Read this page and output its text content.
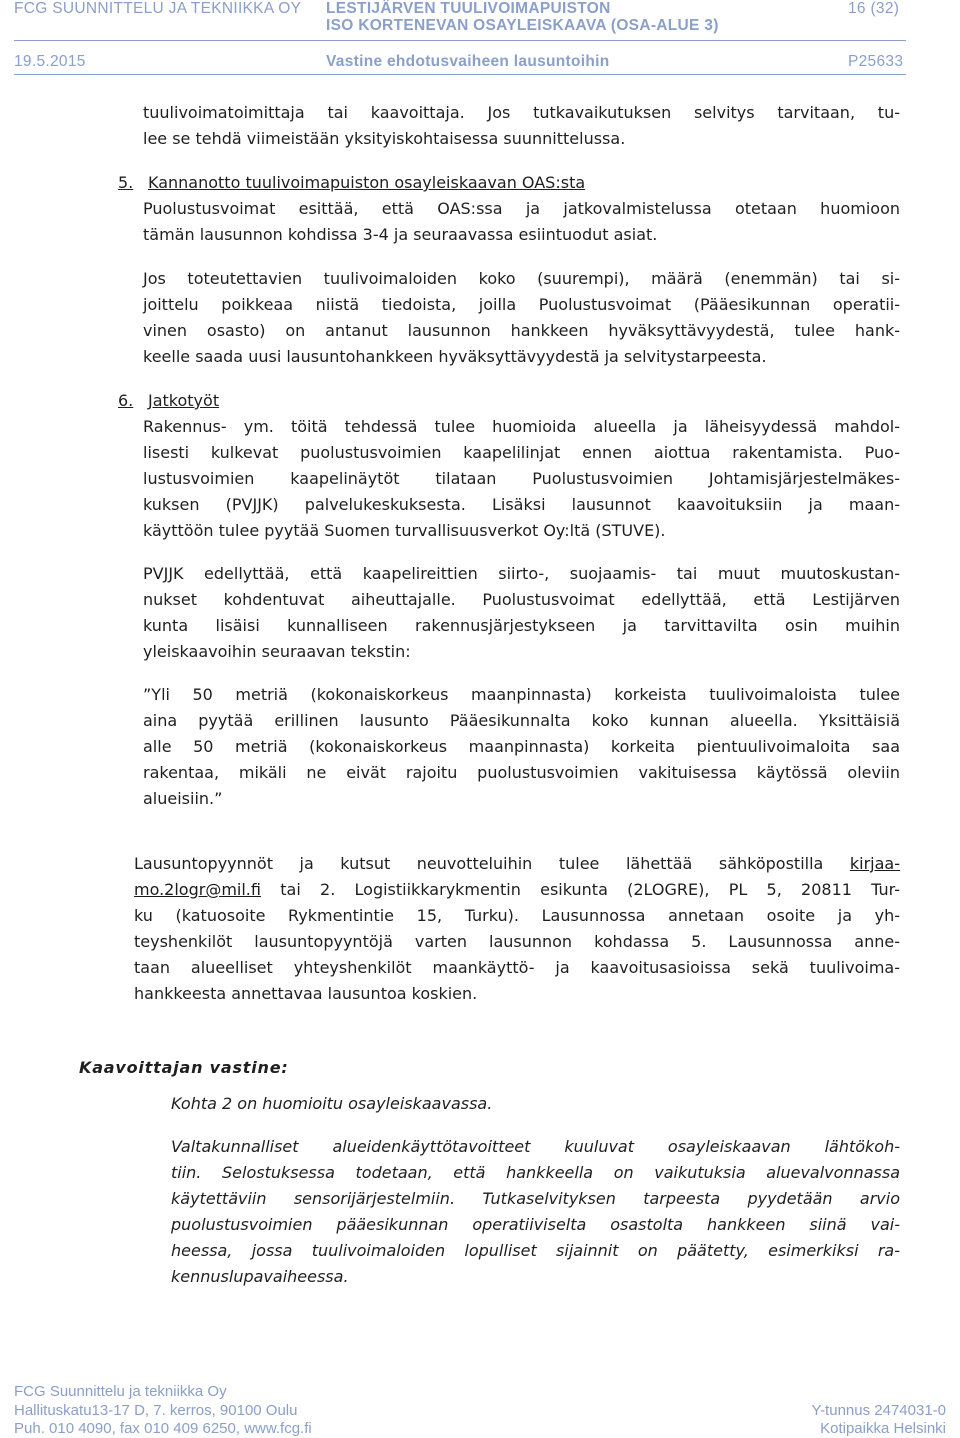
FCG SUUNNITTELU JA TEKNIIKKA OY LESTIJÄRVEN TUULIVOIMAPUISTON
ISO KORTENEVAN OSAYLEISKAAVA (OSA-ALUE 3)
16 (32)
19.5.2015	Vastine ehdotusvaiheen lausuntoihin	P25633
tuulivoimatoimittaja tai kaavoittaja. Jos tutkavaikutuksen selvitys tarvitaan, tu-
lee se tehdä viimeistään yksityiskohtaisessa suunnittelussa.
5. Kannanotto tuulivoimapuiston osayleiskaavan OAS:sta
Puolustusvoimat esittää, että OAS:ssa ja jatkovalmistelussa otetaan huomioon
tämän lausunnon kohdissa 3-4 ja seuraavassa esiintuodut asiat.
Jos toteutettavien tuulivoimaloiden koko (suurempi), määrä (enemmän) tai si-
joittelu poikkeaa niistä tiedoista, joilla Puolustusvoimat (Pääesikunnan operatii-
vinen osasto) on antanut lausunnon hankkeen hyväksyttävyydestä, tulee hank-
keelle saada uusi lausuntohankkeen hyväksyttävyydestä ja selvitystarpeesta.
6. Jatkotyöt
Rakennus- ym. töitä tehdessä tulee huomioida alueella ja läheisyydessä mahdol-
lisesti kulkevat puolustusvoimien kaapelilinjat ennen aiottua rakentamista. Puo-
lustusvoimien kaapelinäytöt tilataan Puolustusvoimien Johtamisjärjestelmäkes-
kuksen (PVJJK) palvelukeskuksesta. Lisäksi lausunnot kaavoituksiin ja maan-
käyttöön tulee pyytää Suomen turvallisuusverkot Oy:ltä (STUVE).
PVJJK edellyttää, että kaapelireittien siirto-, suojaamis- tai muut muutoskustan-
nukset kohdentuvat aiheuttajalle. Puolustusvoimat edellyttää, että Lestijärven
kunta lisäisi kunnalliseen rakennusjärjestykseen ja tarvittavilta osin muihin
yleiskaavoihin seuraavan tekstin:
”Yli 50 metriä (kokonaiskorkeus maanpinnasta) korkeista tuulivoimaloista tulee
aina pyytää erillinen lausunto Pääesikunnalta koko kunnan alueella. Yksittäisiä
alle 50 metriä (kokonaiskorkeus maanpinnasta) korkeita pientuulivoimaloita saa
rakentaa, mikäli ne eivät rajoitu puolustusvoimien vakituisessa käytössä oleviin
alueisiin.”
Lausuntopyynnöt ja kutsut neuvotteluihin tulee lähettää sähköpostilla kirjaa-
mo.2logr@mil.fi tai 2. Logistiikkarykmentin esikunta (2LOGRE), PL 5, 20811 Tur-
ku (katuosoite Rykmentintie 15, Turku). Lausunnossa annetaan osoite ja yh-
teyshenkilöt lausuntopyyntöjä varten lausunnon kohdassa 5. Lausunnossa anne-
taan alueelliset yhteyshenkilöt maankäyttö- ja kaavoitusasioissa sekä tuulivoima-
hankkeesta annettavaa lausuntoa koskien.
Kaavoittajan vastine:
Kohta 2 on huomioitu osayleiskaavassa.
Valtakunnalliset alueidenkäyttötavoitteet kuuluvat osayleiskaavan lähtökoh-
tiin. Selostuksessa todetaan, että hankkeella on vaikutuksia aluevalvonnassa
käytettäviin sensorijärjestelmiin. Tutkaselvityksen tarpeesta pyydetään arvio
puolustusvoimien pääesikunnan operatiiviselta osastolta hankkeen siinä vai-
heessa, jossa tuulivoimaloiden lopulliset sijainnit on päätetty, esimerkiksi ra-
kennuslupavaiheessa.
FCG Suunnittelu ja tekniikka Oy
Hallituskatu13-17 D, 7. kerros, 90100 Oulu
Puh. 010 4090, fax 010 409 6250, www.fcg.fi
Y-tunnus 2474031-0
Kotipaikka Helsinki
